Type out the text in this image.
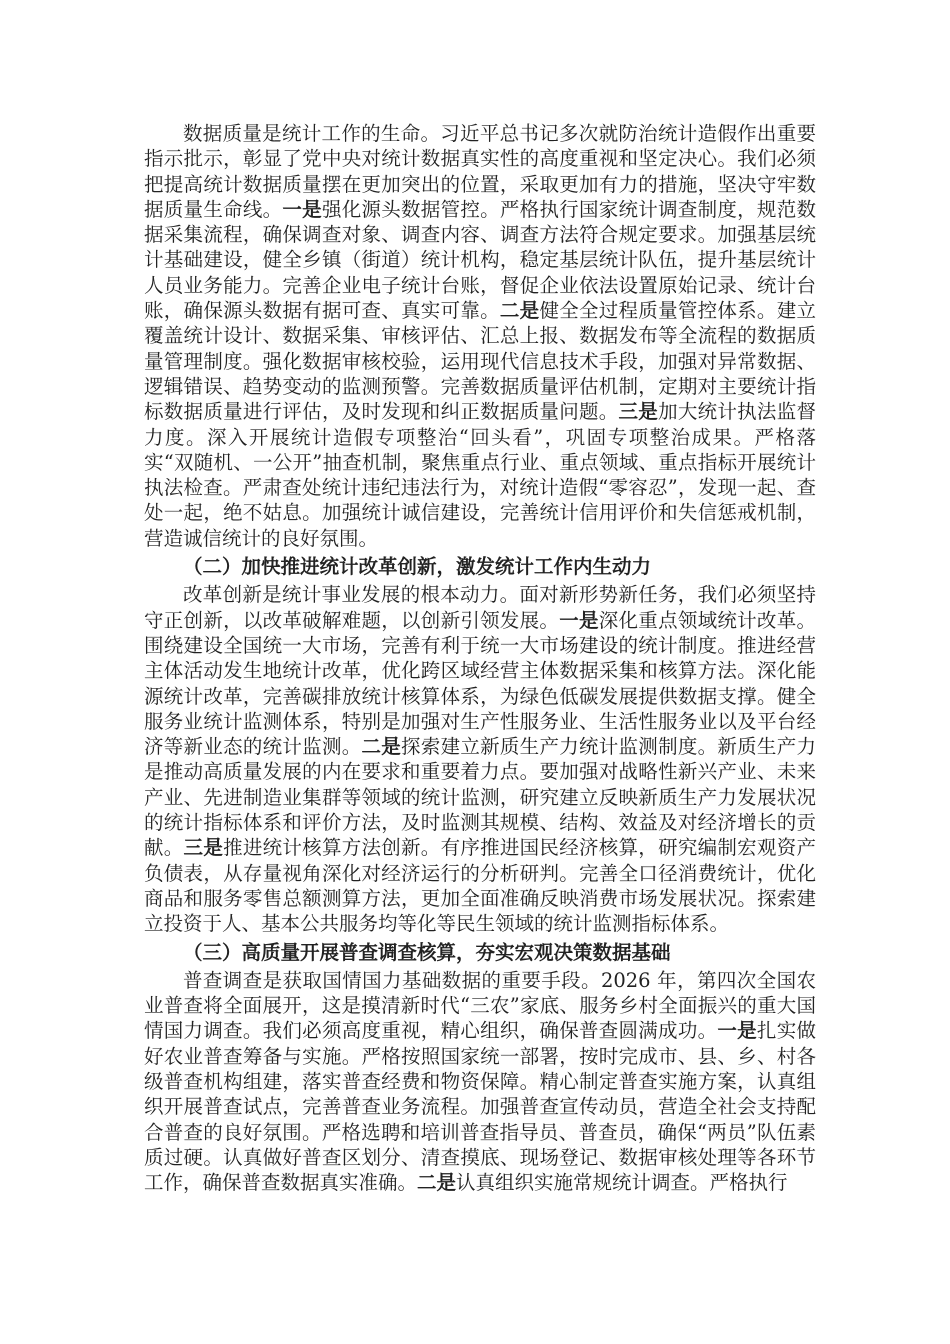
数据质量是统计工作的生命。习近平总书记多次就防治统计造假作出重要指示批示，彰显了党中央对统计数据真实性的高度重视和坚定决心。我们必须把提高统计数据质量摆在更加突出的位置，采取更加有力的措施，坚决守牢数据质量生命线。一是强化源头数据管控。严格执行国家统计调查制度，规范数据采集流程，确保调查对象、调查内容、调查方法符合规定要求。加强基层统计基础建设，健全乡镇（街道）统计机构，稳定基层统计队伍，提升基层统计人员业务能力。完善企业电子统计台账，督促企业依法设置原始记录、统计台账，确保源头数据有据可查、真实可靠。二是健全全过程质量管控体系。建立覆盖统计设计、数据采集、审核评估、汇总上报、数据发布等全流程的数据质量管理制度。强化数据审核校验，运用现代信息技术手段，加强对异常数据、逻辑错误、趋势变动的监测预警。完善数据质量评估机制，定期对主要统计指标数据质量进行评估，及时发现和纠正数据质量问题。三是加大统计执法监督力度。深入开展统计造假专项整治“回头看”，巩固专项整治成果。严格落实“双随机、一公开”抽查机制，聚焦重点行业、重点领域、重点指标开展统计执法检查。严肃查处统计违纪违法行为，对统计造假“零容忍”，发现一起、查处一起，绝不姑息。加强统计诚信建设，完善统计信用评价和失信惩戒机制，营造诚信统计的良好氛围。

（二）加快推进统计改革创新，激发统计工作内生动力

改革创新是统计事业发展的根本动力。面对新形势新任务，我们必须坚持守正创新，以改革破解难题，以创新引领发展。一是深化重点领域统计改革。围绕建设全国统一大市场，完善有利于统一大市场建设的统计制度。推进经营主体活动发生地统计改革，优化跨区域经营主体数据采集和核算方法。深化能源统计改革，完善碳排放统计核算体系，为绿色低碳发展提供数据支撑。健全服务业统计监测体系，特别是加强对生产性服务业、生活性服务业以及平台经济等新业态的统计监测。二是探索建立新质生产力统计监测制度。新质生产力是推动高质量发展的内在要求和重要着力点。要加强对战略性新兴产业、未来产业、先进制造业集群等领域的统计监测，研究建立反映新质生产力发展状况的统计指标体系和评价方法，及时监测其规模、结构、效益及对经济增长的贡献。三是推进统计核算方法创新。有序推进国民经济核算，研究编制宏观资产负债表，从存量视角深化对经济运行的分析研判。完善全口径消费统计，优化商品和服务零售总额测算方法，更加全面准确反映消费市场发展状况。探索建立投资于人、基本公共服务均等化等民生领域的统计监测指标体系。

（三）高质量开展普查调查核算，夯实宏观决策数据基础

普查调查是获取国情国力基础数据的重要手段。2026 年，第四次全国农业普查将全面展开，这是摸清新时代“三农”家底、服务乡村全面振兴的重大国情国力调查。我们必须高度重视，精心组织，确保普查圆满成功。一是扎实做好农业普查筹备与实施。严格按照国家统一部署，按时完成市、县、乡、村各级普查机构组建，落实普查经费和物资保障。精心制定普查实施方案，认真组织开展普查试点，完善普查业务流程。加强普查宣传动员，营造全社会支持配合普查的良好氛围。严格选聘和培训普查指导员、普查员，确保“两员”队伍素质过硬。认真做好普查区划分、清查摸底、现场登记、数据审核处理等各环节工作，确保普查数据真实准确。二是认真组织实施常规统计调查。严格执行
